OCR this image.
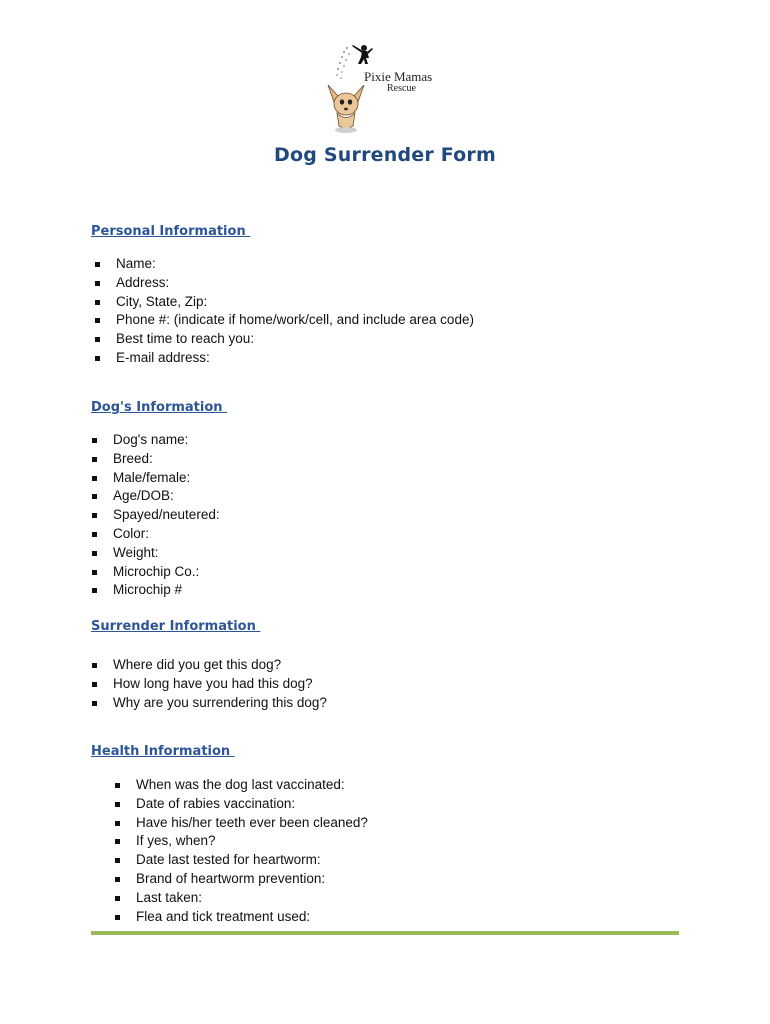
Pixie Mamas
Rescue
Dog Surrender Form
Personal Information
Name:
Address:
City, State, Zip:
Phone #: (indicate if home/work/cell, and include area code)
Best time to reach you:
E-mail address:
Dog's Information
Dog's name:
Breed:
Male/female:
Age/DOB:
Spayed/neutered:
Color:
Weight:
Microchip Co.:
Microchip #
Surrender Information
Where did you get this dog?
How long have you had this dog?
Why are you surrendering this dog?
Health Information
When was the dog last vaccinated:
Date of rabies vaccination:
Have his/her teeth ever been cleaned?
If yes, when?
Date last tested for heartworm:
Brand of heartworm prevention:
Last taken:
Flea and tick treatment used:
